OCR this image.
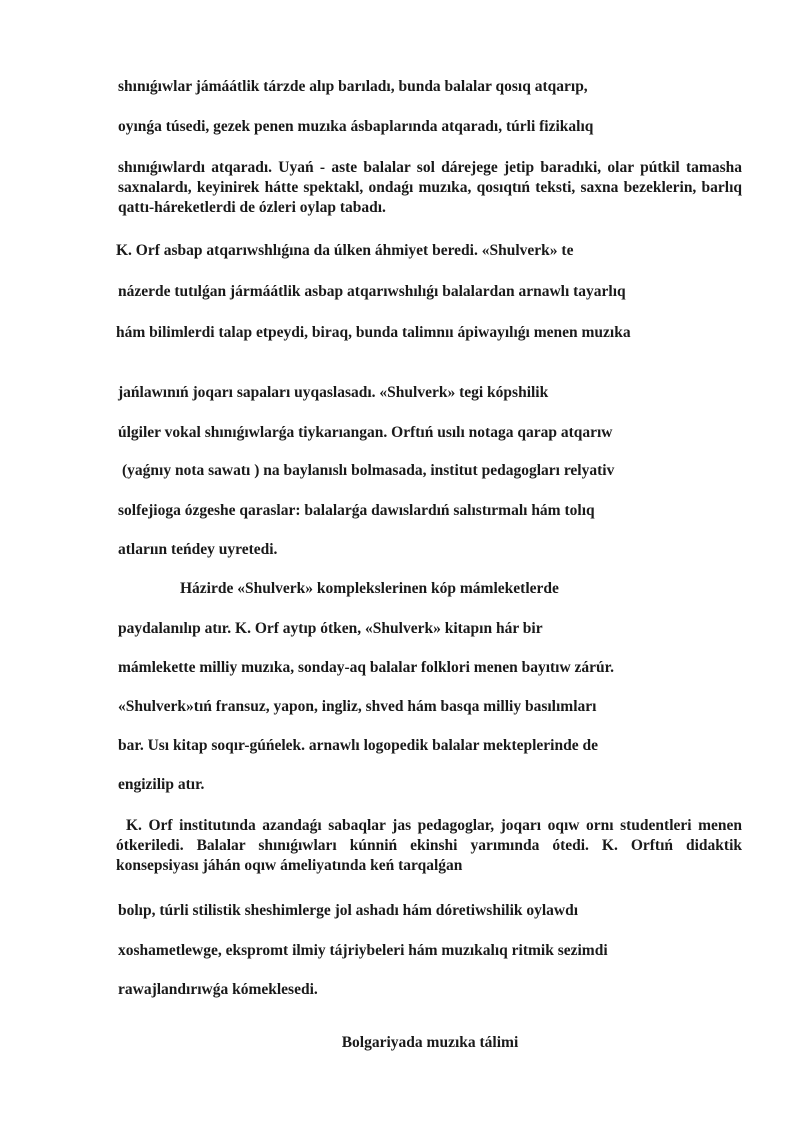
shınıǵıwlar jámáátlik tárzde alıp barıladı, bunda balalar qosıq atqarıp,

oyınǵa túsedi, gezek penen muzıka ásbaplarında atqaradı, túrli fizikalıq

shınıǵıwlardı atqaradı. Uyań - aste balalar sol dárejege jetip baradıki, olar pútkil tamasha saxnalardı, keyinirek hátte spektakl, ondaǵı muzıka, qosıqtıń teksti, saxna bezeklerin, barlıq qattı-háreketlerdi de ózleri oylap tabadı.

K. Orf asbap atqarıwshlıǵına da úlken áhmiyet beredi. «Shulverk» te

názerde tutılǵan jármáátlik asbap atqarıwshılıǵı balalardan arnawlı tayarlıq

hám bilimlerdi talap etpeydi, biraq, bunda talimnıı ápiwayılıǵı menen muzıka

jańlawınıń joqarı sapaları uyqaslasadı. «Shulverk» tegi kópshilik

úlgiler vokal shınıǵıwlarǵa tiykarıangan. Orftıń usılı notaga qarap atqarıw

(yaǵnıy nota sawatı ) na baylanıslı bolmasada, institut pedagogları relyativ

solfejioga ózgeshe qaraslar: balalarǵa dawıslardıń salıstırmalı hám tolıq

atlarıın teńdey uyretedi.

Házirde «Shulverk» komplekslerinen kóp mámleketlerde

paydalanılıp atır. K. Orf aytıp ótken, «Shulverk» kitapın hár bir

mámlekette milliy muzıka, sonday-aq balalar folklori menen bayıtıw zárúr.

«Shulverk»tıń fransuz, yapon, ingliz, shved hám basqa milliy basılımları

bar. Usı kitap soqır-gúńelek. arnawlı logopedik balalar mekteplerinde de

engizilip atır.

K. Orf institutında azandaǵı sabaqlar jas pedagoglar, joqarı oqıw ornı studentleri menen ótkeriledi. Balalar shınıǵıwları kúnniń ekinshi yarımında ótedi. K. Orftıń didaktik konsepsiyası jáhán oqıw ámeliyatında keń tarqalǵan

bolıp, túrli stilistik sheshimlerge jol ashadı hám dóretiwshilik oylawdı

xoshametlewge, ekspromt ilmiy tájriybeleri hám muzıkalıq ritmik sezimdi

rawajlandırıwǵa kómeklesedi.

Bolgariyada muzıka tálimi
